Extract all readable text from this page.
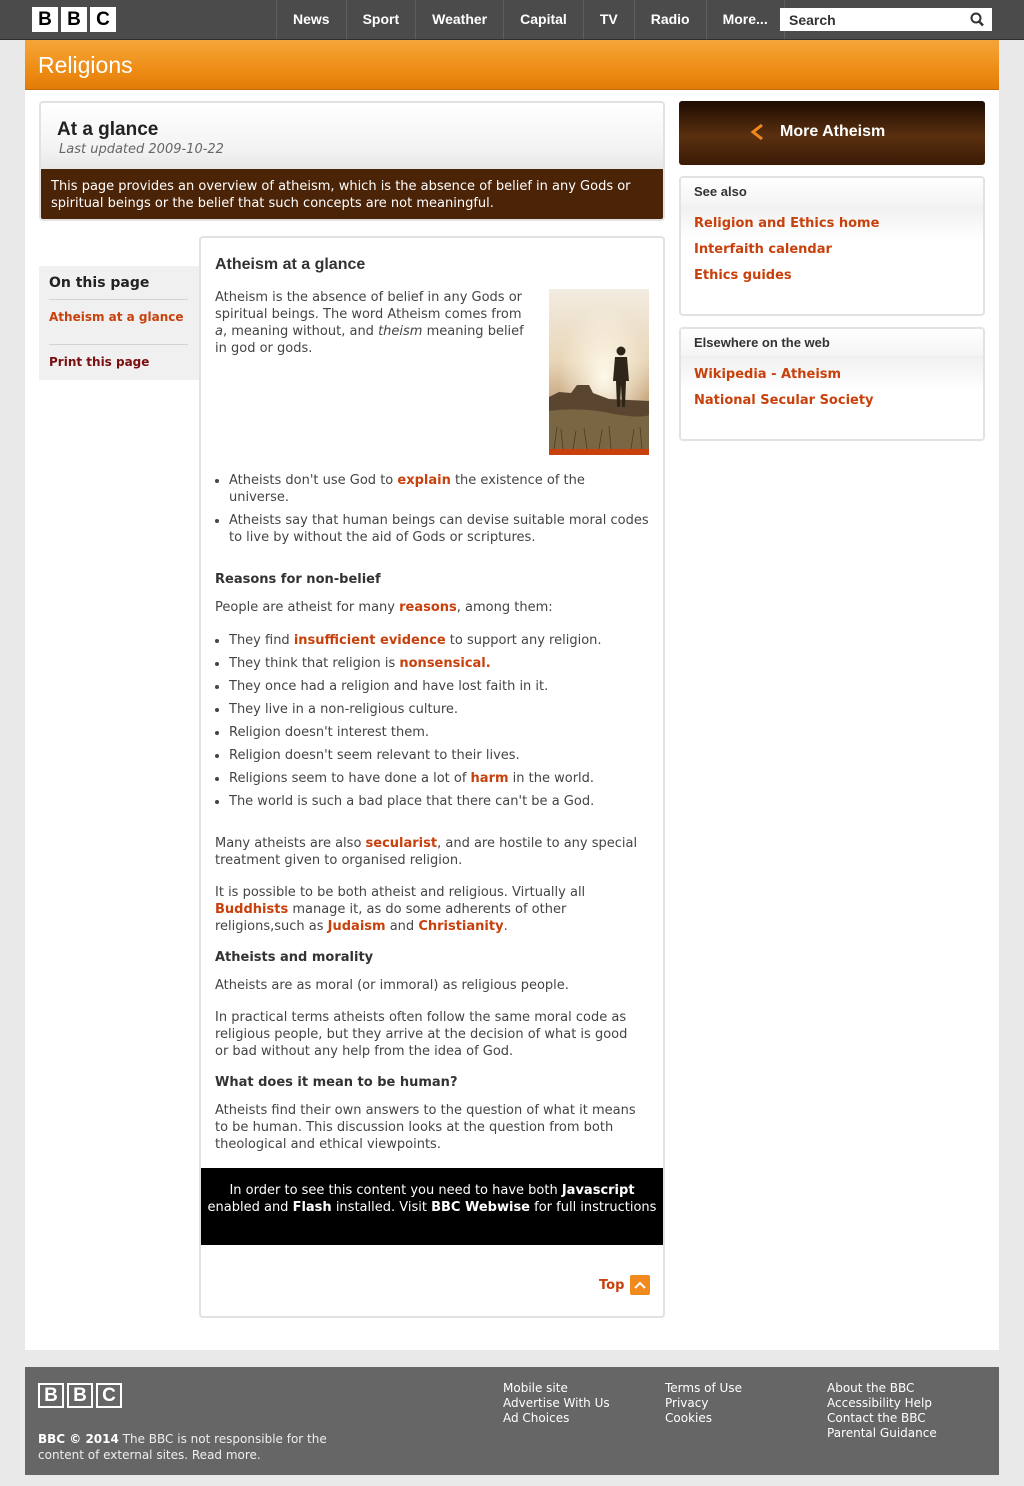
B B C	News	Sport	Weather	Capital	TV	Radio	More...
Search
Religions
At a glance

Last updated 2009-10-22

This page provides an overview of atheism, which is the absence of belief in any Gods or spiritual beings or the belief that such concepts are not meaningful.
On this page
Atheism at a glance
Print this page
Atheism at a glance
Atheism is the absence of belief in any Gods or spiritual beings. The word Atheism comes from a, meaning without, and theism meaning belief in god or gods.
• Atheists don't use God to explain the existence of the universe.
• Atheists say that human beings can devise suitable moral codes to live by without the aid of Gods or scriptures.
Reasons for non-belief
People are atheist for many reasons, among them:
• They find insufficient evidence to support any religion.
• They think that religion is nonsensical.
• They once had a religion and have lost faith in it.
• They live in a non-religious culture.
• Religion doesn't interest them.
• Religion doesn't seem relevant to their lives.
• Religions seem to have done a lot of harm in the world.
• The world is such a bad place that there can't be a God.
Many atheists are also secularist, and are hostile to any special treatment given to organised religion.
It is possible to be both atheist and religious. Virtually all Buddhists manage it, as do some adherents of other religions,such as Judaism and Christianity.
Atheists and morality
Atheists are as moral (or immoral) as religious people.
In practical terms atheists often follow the same moral code as religious people, but they arrive at the decision of what is good or bad without any help from the idea of God.
What does it mean to be human?
Atheists find their own answers to the question of what it means to be human. This discussion looks at the question from both theological and ethical viewpoints.
In order to see this content you need to have both Javascript
enabled and Flash installed. Visit BBC Webwise for full instructions
Top
More Atheism
See also
Religion and Ethics home
Interfaith calendar
Ethics guides
Elsewhere on the web
Wikipedia - Atheism
National Secular Society
B B C
BBC © 2014 The BBC is not responsible for the content of external sites. Read more.
Mobile site
Advertise With Us
Ad Choices
Terms of Use
Privacy
Cookies
About the BBC
Accessibility Help
Contact the BBC
Parental Guidance
